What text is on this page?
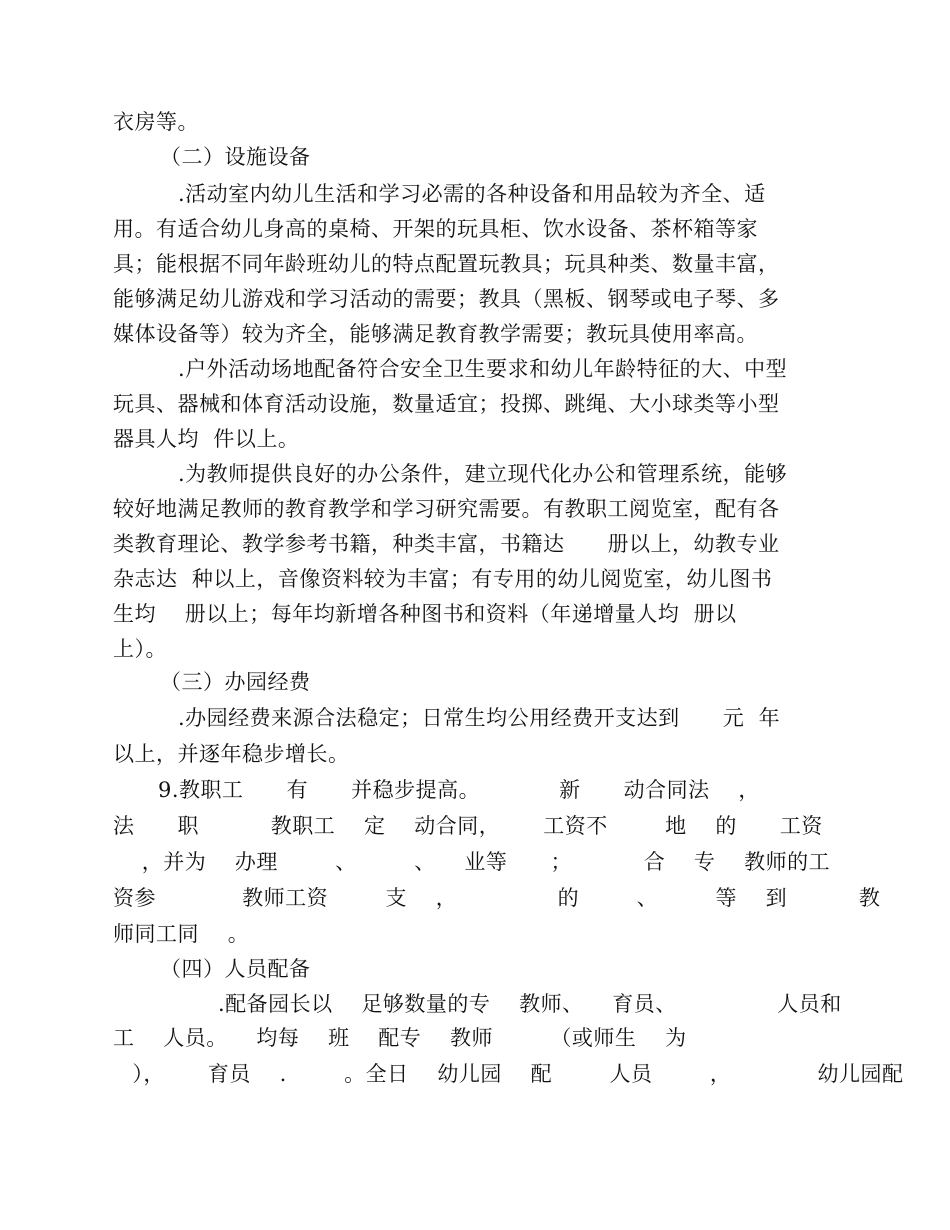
衣房等。
（二）设施设备
.活动室内幼儿生活和学习必需的各种设备和用品较为齐全、适
用。有适合幼儿身高的桌椅、开架的玩具柜、饮水设备、茶杯箱等家
具；能根据不同年龄班幼儿的特点配置玩教具；玩具种类、数量丰富，
能够满足幼儿游戏和学习活动的需要；教具（黑板、钢琴或电子琴、多
媒体设备等）较为齐全，能够满足教育教学需要；教玩具使用率高。
.户外活动场地配备符合安全卫生要求和幼儿年龄特征的大、中型
玩具、器械和体育活动设施，数量适宜；投掷、跳绳、大小球类等小型
器具人均  件以上。
.为教师提供良好的办公条件，建立现代化办公和管理系统，能够
较好地满足教师的教育教学和学习研究需要。有教职工阅览室，配有各
类教育理论、教学参考书籍，种类丰富，书籍达      册以上，幼教专业
杂志达  种以上，音像资料较为丰富；有专用的幼儿阅览室，幼儿图书
生均    册以上；每年均新增各种图书和资料（年递增量人均  册以
上）。
（三）办园经费
.办园经费来源合法稳定；日常生均公用经费开支达到      元  年
以上，并逐年稳步增长。
9.教职工      有      并稳步提高。           新      动合同法    ，
法      职          教职工    定    动合同，      工资不        地    的      工资
，并为    办理        、        、    业等      ；          合    专    教师的工
资参            教师工资        支    ，              的        、        等    到          教
师同工同    。
（四）人员配备
.配备园长以    足够数量的专    教师、    育员、              人员和
工    人员。    均每    班    配专    教师        （或师生    为
），      育员    .        。全日    幼儿园    配        人员        ，            幼儿园配
